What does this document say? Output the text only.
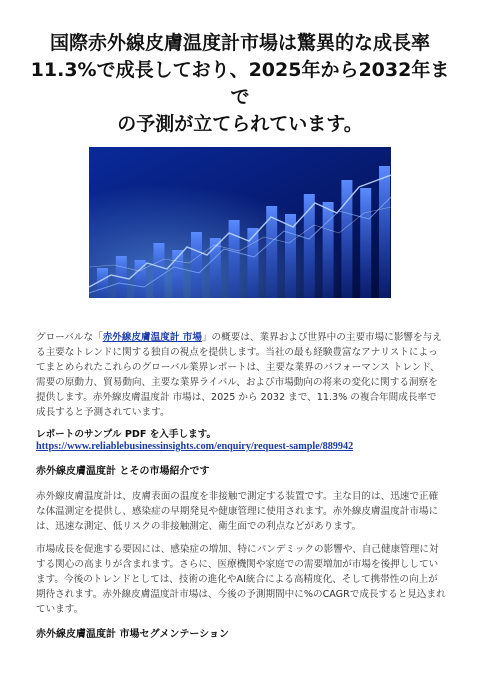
国際赤外線皮膚温度計市場は驚異的な成長率
11.3%で成長しており、2025年から2032年まで
の予測が立てられています。
グローバルな「赤外線皮膚温度計 市場」の概要は、業界および世界中の主要市場に影響を与える主要なトレンドに関する独自の視点を提供します。当社の最も経験豊富なアナリストによってまとめられたこれらのグローバル業界レポートは、主要な業界のパフォーマンス トレンド、需要の原動力、貿易動向、主要な業界ライバル、および市場動向の将来の変化に関する洞察を提供します。赤外線皮膚温度計 市場は、2025 から 2032 まで、11.3% の複合年間成長率で成長すると予測されています。
レポートのサンプル PDF を入手します。
https://www.reliablebusinessinsights.com/enquiry/request-sample/889942
赤外線皮膚温度計 とその市場紹介です
赤外線皮膚温度計は、皮膚表面の温度を非接触で測定する装置です。主な目的は、迅速で正確な体温測定を提供し、感染症の早期発見や健康管理に使用されます。赤外線皮膚温度計市場には、迅速な測定、低リスクの非接触測定、衛生面での利点などがあります。
市場成長を促進する要因には、感染症の増加、特にパンデミックの影響や、自己健康管理に対する関心の高まりが含まれます。さらに、医療機関や家庭での需要増加が市場を後押ししています。今後のトレンドとしては、技術の進化やAI統合による高精度化、そして携帯性の向上が期待されます。赤外線皮膚温度計市場は、今後の予測期間中に%のCAGRで成長すると見込まれています。
赤外線皮膚温度計 市場セグメンテーション
